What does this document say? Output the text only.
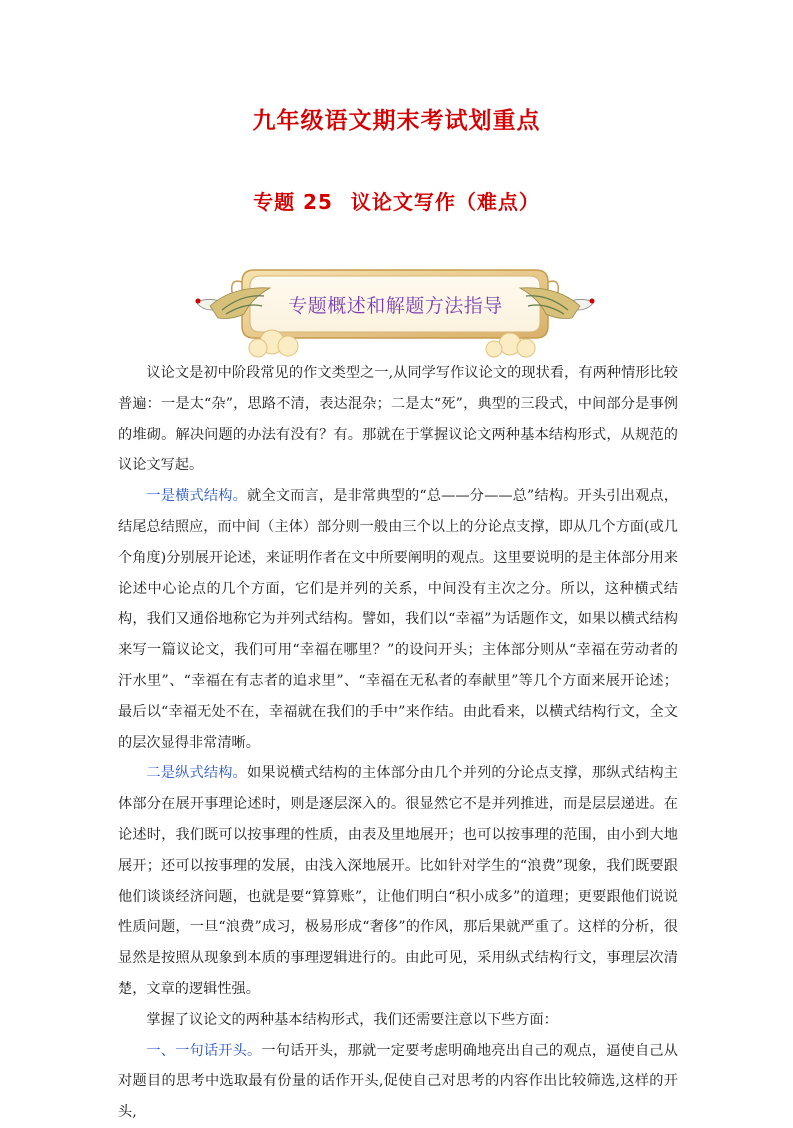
九年级语文期末考试划重点
专题 25 议论文写作（难点）
专题概述和解题方法指导

议论文是初中阶段常见的作文类型之一,从同学写作议论文的现状看，有两种情形比较普遍：一是太“杂”，思路不清，表达混杂；二是太“死”，典型的三段式，中间部分是事例的堆砌。解决问题的办法有没有？有。那就在于掌握议论文两种基本结构形式，从规范的议论文写起。

一是横式结构。就全文而言，是非常典型的“总——分——总”结构。开头引出观点，结尾总结照应，而中间（主体）部分则一般由三个以上的分论点支撑，即从几个方面(或几个角度)分别展开论述，来证明作者在文中所要阐明的观点。这里要说明的是主体部分用来论述中心论点的几个方面，它们是并列的关系，中间没有主次之分。所以，这种横式结构，我们又通俗地称它为并列式结构。譬如，我们以“幸福”为话题作文，如果以横式结构来写一篇议论文，我们可用“幸福在哪里？”的设问开头；主体部分则从“幸福在劳动者的汗水里”、“幸福在有志者的追求里”、“幸福在无私者的奉献里”等几个方面来展开论述；最后以“幸福无处不在，幸福就在我们的手中”来作结。由此看来，以横式结构行文，全文的层次显得非常清晰。

二是纵式结构。如果说横式结构的主体部分由几个并列的分论点支撑，那纵式结构主体部分在展开事理论述时，则是逐层深入的。很显然它不是并列推进，而是层层递进。在论述时，我们既可以按事理的性质，由表及里地展开；也可以按事理的范围，由小到大地展开；还可以按事理的发展，由浅入深地展开。比如针对学生的“浪费”现象，我们既要跟他们谈谈经济问题，也就是要“算算账”，让他们明白“积小成多”的道理；更要跟他们说说性质问题，一旦“浪费”成习，极易形成“奢侈”的作风，那后果就严重了。这样的分析，很显然是按照从现象到本质的事理逻辑进行的。由此可见，采用纵式结构行文，事理层次清楚，文章的逻辑性强。

掌握了议论文的两种基本结构形式，我们还需要注意以下些方面：

一、一句话开头。一句话开头，那就一定要考虑明确地亮出自己的观点，逼使自己从对题目的思考中选取最有份量的话作开头,促使自己对思考的内容作出比较筛选,这样的开头,
